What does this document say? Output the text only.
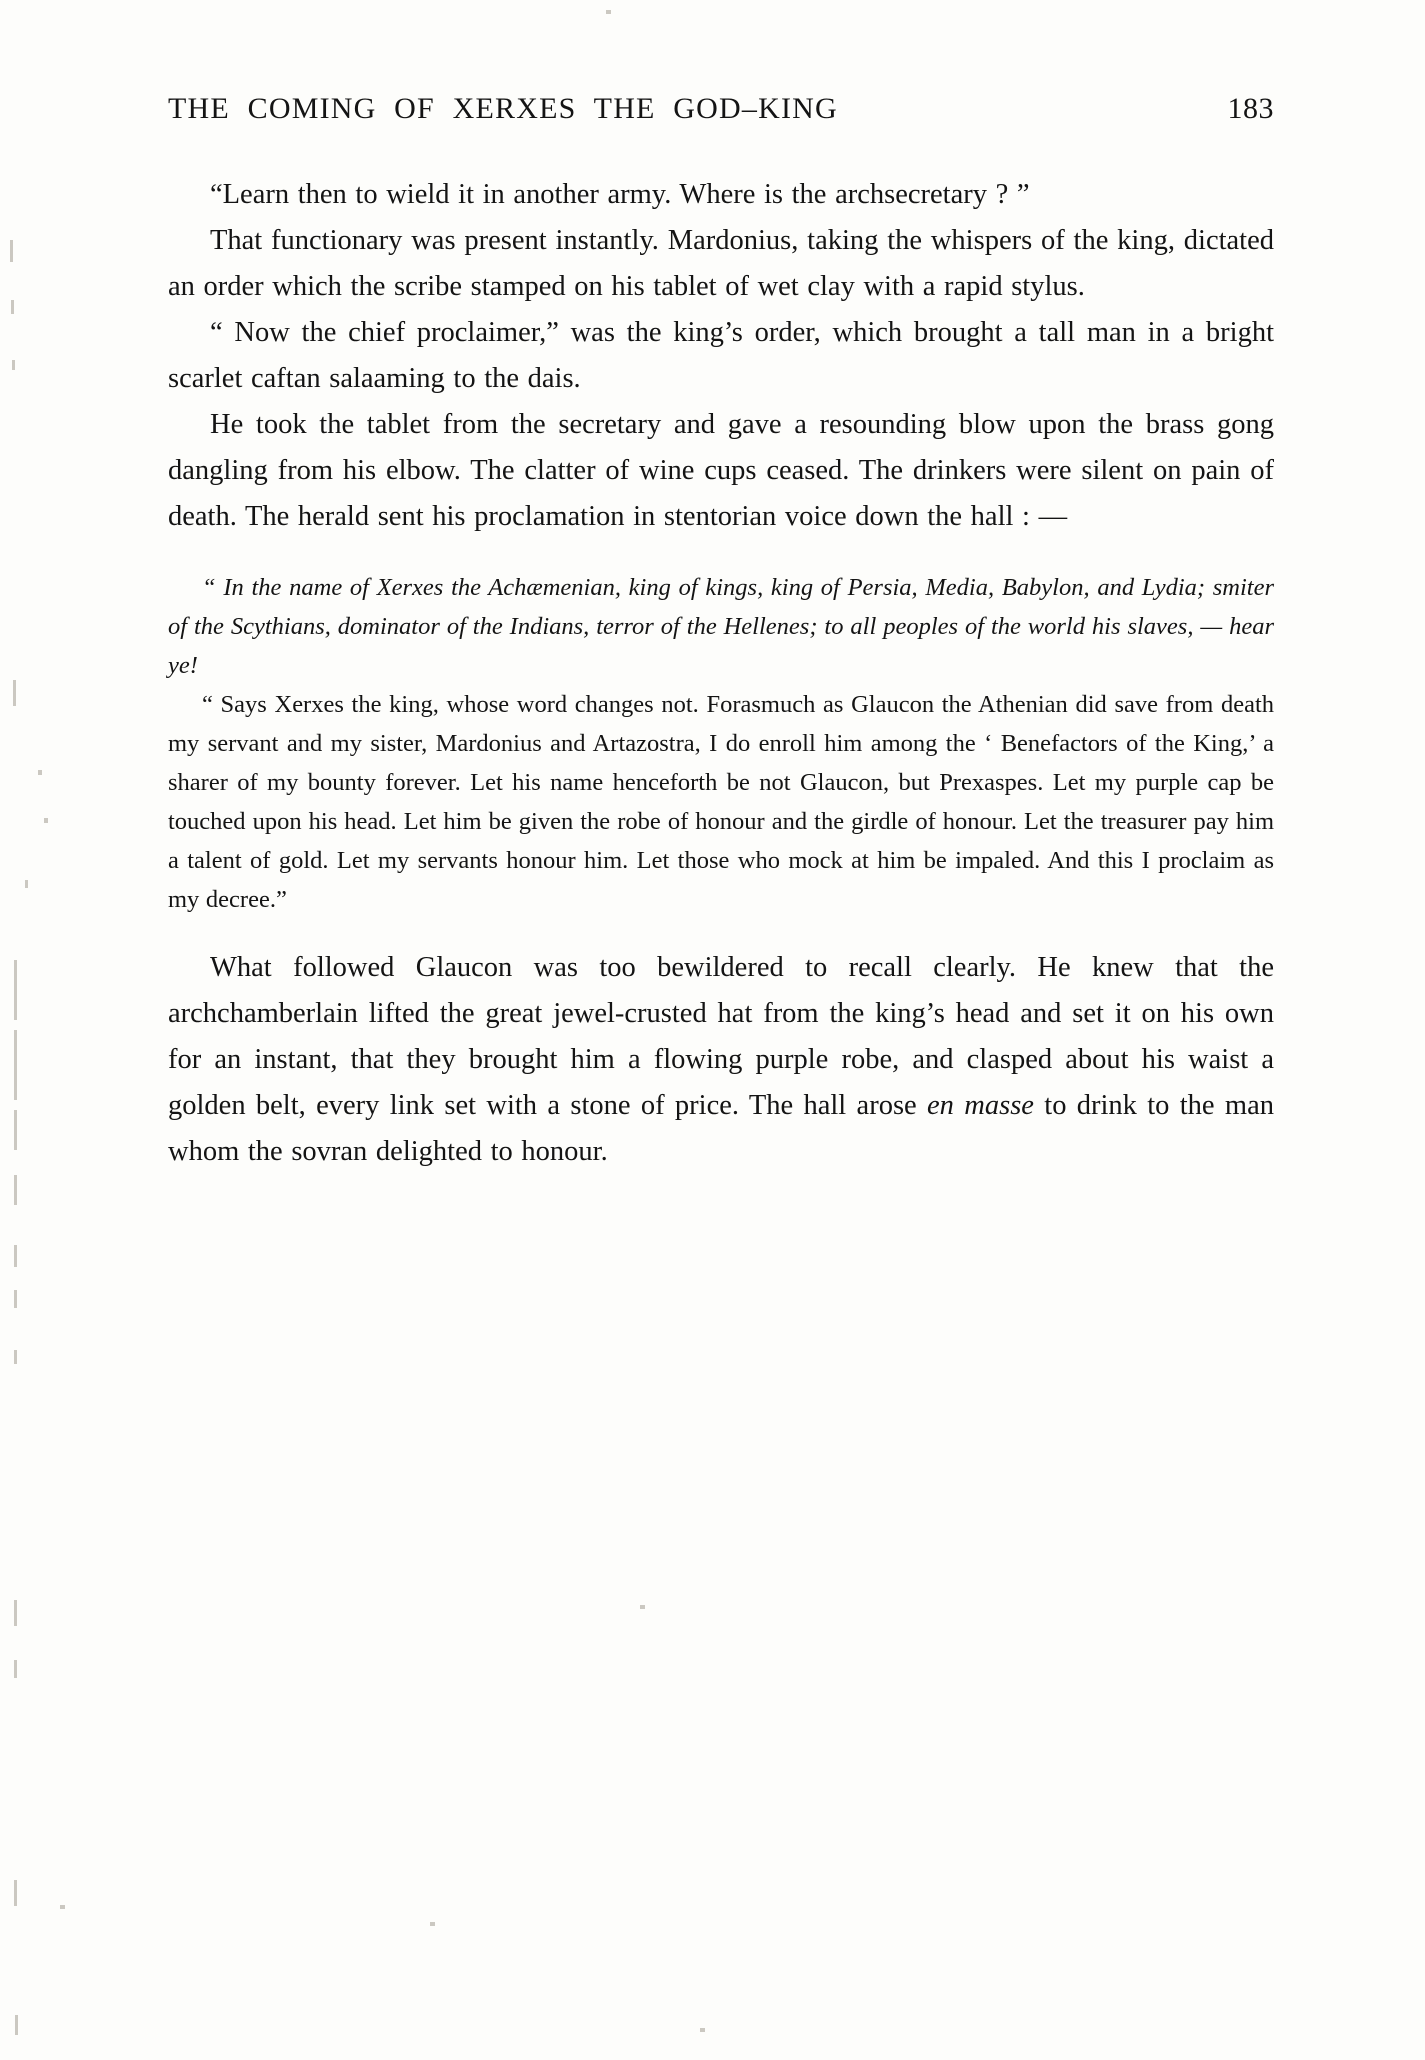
THE COMING OF XERXES THE GOD–KING	183

“Learn then to wield it in another army. Where is the archsecretary ? ”

That functionary was present instantly. Mardonius, taking the whispers of the king, dictated an order which the scribe stamped on his tablet of wet clay with a rapid stylus.

“ Now the chief proclaimer,” was the king’s order, which brought a tall man in a bright scarlet caftan salaaming to the dais.

He took the tablet from the secretary and gave a resounding blow upon the brass gong dangling from his elbow. The clatter of wine cups ceased. The drinkers were silent on pain of death. The herald sent his proclamation in stentorian voice down the hall : —

“ In the name of Xerxes the Achæmenian, king of kings, king of Persia, Media, Babylon, and Lydia; smiter of the Scythians, dominator of the Indians, terror of the Hellenes; to all peoples of the world his slaves, — hear ye!

“ Says Xerxes the king, whose word changes not. Forasmuch as Glaucon the Athenian did save from death my servant and my sister, Mardonius and Artazostra, I do enroll him among the ‘ Benefactors of the King,’ a sharer of my bounty forever. Let his name henceforth be not Glaucon, but Prexaspes. Let my purple cap be touched upon his head. Let him be given the robe of honour and the girdle of honour. Let the treasurer pay him a talent of gold. Let my servants honour him. Let those who mock at him be impaled. And this I proclaim as my decree.”

What followed Glaucon was too bewildered to recall clearly. He knew that the archchamberlain lifted the great jewel-crusted hat from the king’s head and set it on his own for an instant, that they brought him a flowing purple robe, and clasped about his waist a golden belt, every link set with a stone of price. The hall arose en masse to drink to the man whom the sovran delighted to honour.
